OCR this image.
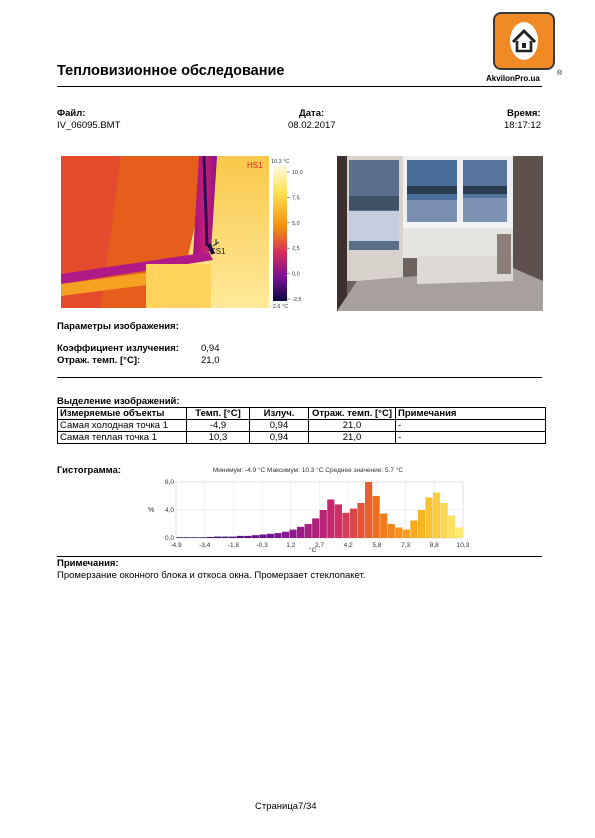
AkvilonPro.ua
®
Тепловизионное обследование
Файл:
IV_06095.BMT
Дата:
08.02.2017
Время:
18:17:12
HS1
CS1
10,3 °C
10,0
7,5
5,0
2,5
0,0
-2,5
-2,6 °C
Параметры изображения:
Коэффициент излучения: 0,94
Отраж. темп. [°C]:	21,0
Выделение изображений:
Измеряемые объекты	Темп. [°C]	Излуч.	Отраж. темп. [°C]	Примечания
Самая холодная точка 1	-4,9	0,94	21,0	-
Самая теплая точка 1	10,3	0,94	21,0	-
Гистограмма:	Минимум: -4.9 °C Максимум: 10.3 °C Среднее значение: 5.7 °C
%
°C
-4,9	-3,4	-1,8	-0,3	1,2	2,7	4,2	5,8	7,3	8,8	10,3
0,0
4,0
8,0
Примечания:
Промерзание оконного блока и откоса окна. Промерзает стеклопакет.
Страница7/34
